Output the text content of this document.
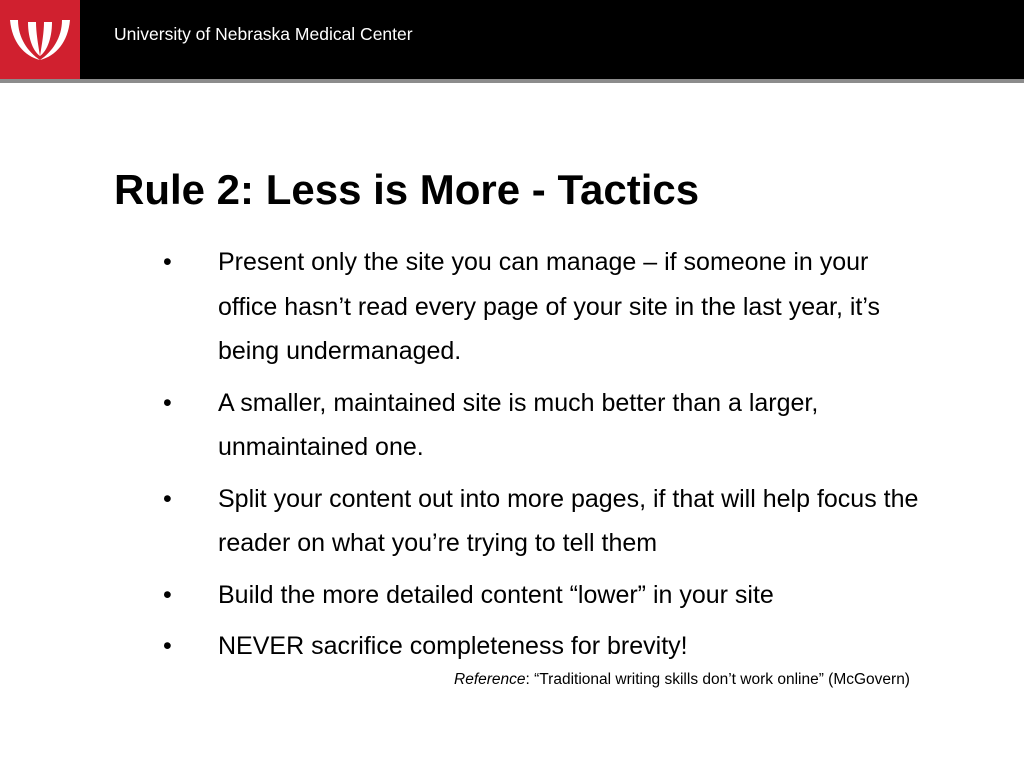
University of Nebraska Medical Center
Rule 2: Less is More - Tactics
•	Present only the site you can manage – if someone in your office hasn’t read every page of your site in the last year, it’s being undermanaged.
•	A smaller, maintained site is much better than a larger, unmaintained one.
•	Split your content out into more pages, if that will help focus the reader on what you’re trying to tell them
•	Build the more detailed content “lower” in your site
•	NEVER sacrifice completeness for brevity!
Reference: “Traditional writing skills don’t work online” (McGovern)
